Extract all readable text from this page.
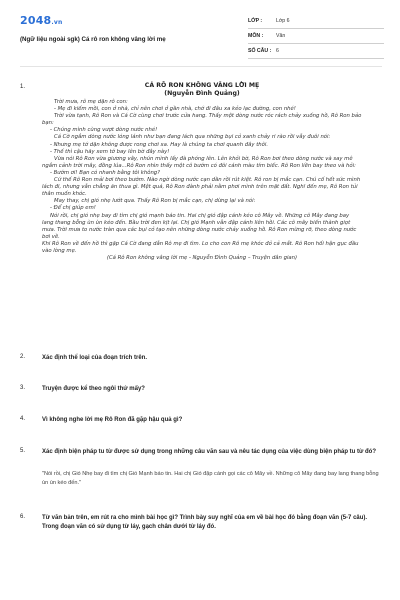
2048.vn
(Ngữ liệu ngoài sgk) Cá rô ron không vâng lời mẹ
LỚP :	Lớp 6
MÔN : Văn
SỐ CÂU : 6
1.	CÁ RÔ RON KHÔNG VÂNG LỜI MẸ
(Nguyễn Đình Quảng)

Trời mưa, rô mẹ dặn rô con:

- Mẹ đi kiếm mồi, con ở nhà, chỉ nên chơi ở gần nhà, chớ đi đâu xa kẻo lạc đường, con nhé!

Trời vừa tạnh, Rô Ron và Cá Cờ cùng chơi trước cửa hang. Thấy một dòng nước róc rách chảy xuống hồ, Rô Ron bảo bạn:

- Chúng mình cùng vượt dòng nước nhé!

Cá Cờ ngắm dòng nước lóng lánh như bạn đang lách qua những bụi cỏ xanh chảy ri rào rồi vẫy đuôi nói:

- Nhưng mẹ tớ dặn không được rong chơi xa. Hay là chúng ta chơi quanh đây thôi.

- Thế thì cậu hãy xem tớ bay lên bờ đây này!

Vừa nói Rô Ron vừa giương vây, nhún mình lấy đà phóng lên. Lên khỏi bờ, Rô Ron bơi theo dòng nước và say mê ngắm cảnh trời mây, đồng lúa...Rô Ron nhìn thấy một cô bướm có đôi cánh màu tím biếc. Rô Ron liền bay theo và hỏi:

- Bướm ơi! Bạn có nhanh bằng tôi không?

Cứ thế Rô Ron mải bơi theo bướm. Nào ngờ dòng nước cạn dần rồi rút kiệt. Rô ron bị mắc cạn. Chú cố hết sức mình lách đi, nhưng vẫn chẳng ăn thua gì. Mệt quá, Rô Ron đành phải nằm phơi mình trên mặt đất. Nghĩ đến mẹ, Rô Ron tủi thân muốn khóc.

May thay, chị gió nhẹ lướt qua. Thấy Rô Ron bị mắc cạn, chị dừng lại và nói:

- Để chị giúp em!

Nói rồi, chị gió nhẹ bay đi tìm chị gió mạnh báo tin. Hai chị gió đập cánh kéo cô Mây về. Những cô Mây đang bay lang thang bỗng ùn ùn kéo đến. Bầu trời đen kịt lại. Chị gió Mạnh vẫn đập cánh liên hồi. Các cô mây biến thành giọt mưa. Trời mưa to nước tràn qua các bụi cỏ tạo nên những dòng nước chảy xuống hồ. Rô Ron mừng rỡ, theo dòng nước bơi về.

Khi Rô Ron về đến hồ thì gặp Cá Cờ đang dẫn Rô mẹ đi tìm. Lo cho con Rô mẹ khóc đỏ cả mắt. Rô Ron hối hận gục đầu vào lòng mẹ.

(Cá Rô Ron không vâng lời mẹ - Nguyễn Đình Quảng – Truyện dân gian)
2.	Xác định thể loại của đoạn trích trên.
3.	Truyện được kể theo ngôi thứ mấy?
4.	Vì không nghe lời mẹ Rô Ron đã gặp hậu quả gì?
5.	Xác định biện pháp tu từ được sử dụng trong những câu văn sau và nêu tác dụng của việc dùng biện pháp tu từ đó?
"Nói rồi, chị Gió Nhẹ bay đi tìm chị Gió Mạnh báo tin. Hai chị Gió đập cánh gọi các cô Mây về. Những cô Mây đang bay lang thang bỗng ùn ùn kéo đến."
6.	Từ văn bản trên, em rút ra cho mình bài học gì? Trình bày suy nghĩ của em về bài học đó bằng đoạn văn (5-7 câu). Trong đoạn văn có sử dụng từ láy, gạch chân dưới từ láy đó.
